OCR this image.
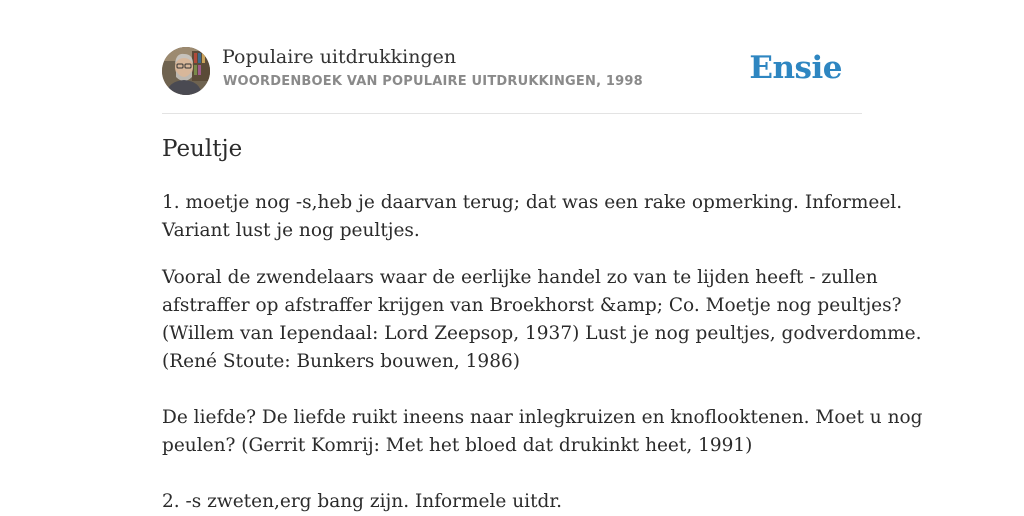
Populaire uitdrukkingen
WOORDENBOEK VAN POPULAIRE UITDRUKKINGEN, 1998	Ensie
Peultje

1. moetje nog -s,heb je daarvan terug; dat was een rake opmerking. Informeel.
Variant lust je nog peultjes.

Vooral de zwendelaars waar de eerlijke handel zo van te lijden heeft - zullen
afstraffer op afstraffer krijgen van Broekhorst &amp; Co. Moetje nog peultjes?
(Willem van Iependaal: Lord Zeepsop, 1937) Lust je nog peultjes, godverdomme.
(René Stoute: Bunkers bouwen, 1986)

De liefde? De liefde ruikt ineens naar inlegkruizen en knoflooktenen. Moet u nog
peulen? (Gerrit Komrij: Met het bloed dat drukinkt heet, 1991)

2. -s zweten,erg bang zijn. Informele uitdr.
